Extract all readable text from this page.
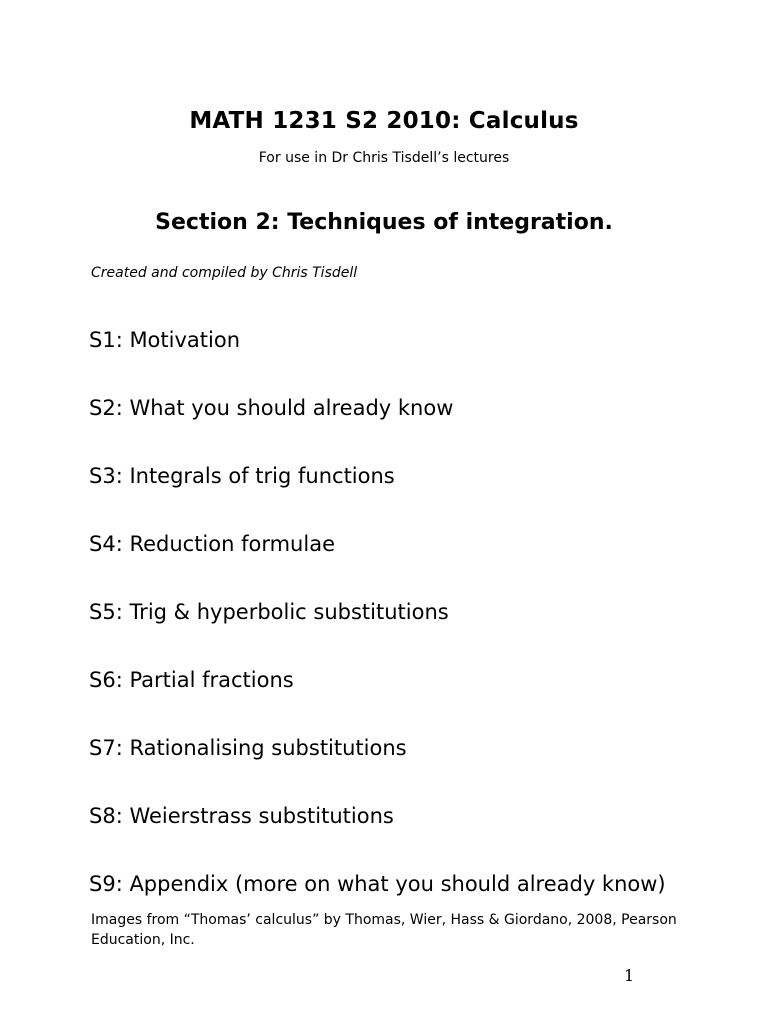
MATH 1231 S2 2010: Calculus
For use in Dr Chris Tisdell’s lectures
Section 2: Techniques of integration.
Created and compiled by Chris Tisdell
S1: Motivation
S2: What you should already know
S3: Integrals of trig functions
S4: Reduction formulae
S5: Trig & hyperbolic substitutions
S6: Partial fractions
S7: Rationalising substitutions
S8: Weierstrass substitutions
S9: Appendix (more on what you should already know)
Images from “Thomas’ calculus” by Thomas, Wier, Hass & Giordano, 2008, Pearson Education, Inc.
1
